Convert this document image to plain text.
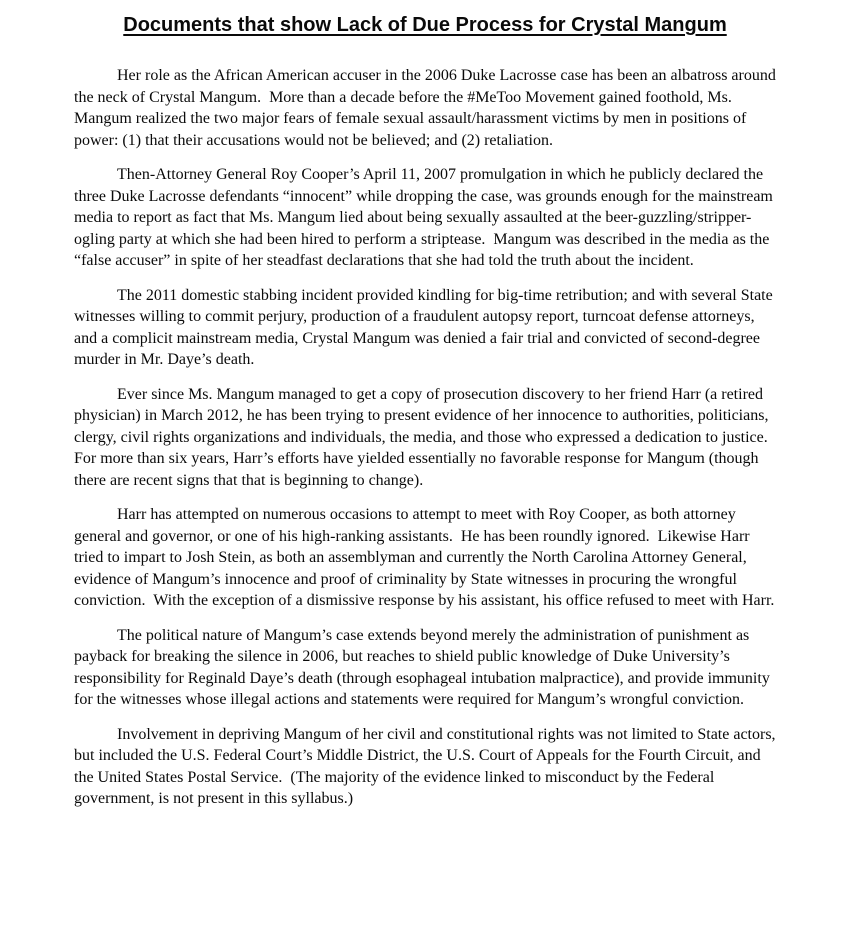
Documents that show Lack of Due Process for Crystal Mangum

Her role as the African American accuser in the 2006 Duke Lacrosse case has been an albatross around the neck of Crystal Mangum.  More than a decade before the #MeToo Movement gained foothold, Ms. Mangum realized the two major fears of female sexual assault/harassment victims by men in positions of power: (1) that their accusations would not be believed; and (2) retaliation.

Then-Attorney General Roy Cooper’s April 11, 2007 promulgation in which he publicly declared the three Duke Lacrosse defendants “innocent” while dropping the case, was grounds enough for the mainstream media to report as fact that Ms. Mangum lied about being sexually assaulted at the beer-guzzling/stripper-ogling party at which she had been hired to perform a striptease.  Mangum was described in the media as the “false accuser” in spite of her steadfast declarations that she had told the truth about the incident.

The 2011 domestic stabbing incident provided kindling for big-time retribution; and with several State witnesses willing to commit perjury, production of a fraudulent autopsy report, turncoat defense attorneys, and a complicit mainstream media, Crystal Mangum was denied a fair trial and convicted of second-degree murder in Mr. Daye’s death.

Ever since Ms. Mangum managed to get a copy of prosecution discovery to her friend Harr (a retired physician) in March 2012, he has been trying to present evidence of her innocence to authorities, politicians, clergy, civil rights organizations and individuals, the media, and those who expressed a dedication to justice.  For more than six years, Harr’s efforts have yielded essentially no favorable response for Mangum (though there are recent signs that that is beginning to change).

Harr has attempted on numerous occasions to attempt to meet with Roy Cooper, as both attorney general and governor, or one of his high-ranking assistants.  He has been roundly ignored.  Likewise Harr tried to impart to Josh Stein, as both an assemblyman and currently the North Carolina Attorney General, evidence of Mangum’s innocence and proof of criminality by State witnesses in procuring the wrongful conviction.  With the exception of a dismissive response by his assistant, his office refused to meet with Harr.

The political nature of Mangum’s case extends beyond merely the administration of punishment as payback for breaking the silence in 2006, but reaches to shield public knowledge of Duke University’s responsibility for Reginald Daye’s death (through esophageal intubation malpractice), and provide immunity for the witnesses whose illegal actions and statements were required for Mangum’s wrongful conviction.

Involvement in depriving Mangum of her civil and constitutional rights was not limited to State actors, but included the U.S. Federal Court’s Middle District, the U.S. Court of Appeals for the Fourth Circuit, and the United States Postal Service.  (The majority of the evidence linked to misconduct by the Federal government, is not present in this syllabus.)
